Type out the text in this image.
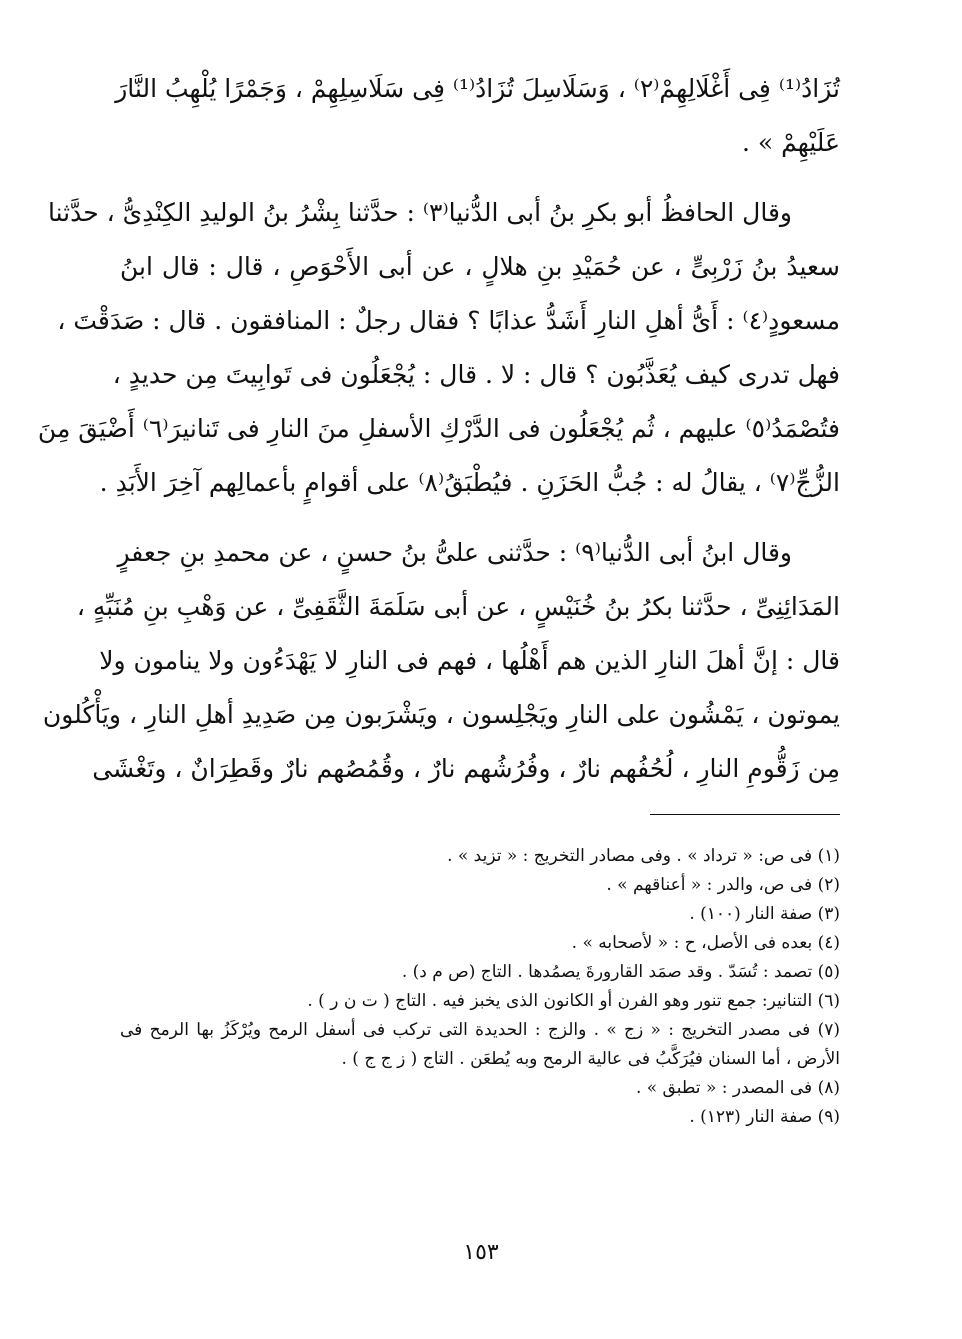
تُزَادُ⁽¹⁾ فِى أَغْلَالِهِمْ⁽٢⁾ ، وَسَلَاسِلَ تُزَادُ⁽¹⁾ فِى سَلَاسِلِهِمْ ، وَجَمْرًا يُلْهِبُ النَّارَ
عَلَيْهِمْ » .
وقال الحافظُ أبو بكرِ بنُ أبى الدُّنيا⁽٣⁾ : حدَّثنا بِشْرُ بنُ الوليدِ الكِنْدِىُّ ، حدَّثنا
سعيدُ بنُ زَرْبِىٍّ ، عن حُمَيْدِ بنِ هلالٍ ، عن أبى الأَحْوَصِ ، قال : قال ابنُ
مسعودٍ⁽٤⁾ : أَىُّ أهلِ النارِ أَشَدُّ عذابًا ؟ فقال رجلٌ : المنافقون . قال : صَدَقْتَ ،
فهل تدرى كيف يُعَذَّبُون ؟ قال : لا . قال : يُجْعَلُون فى تَوابِيتَ مِن حديدٍ ،
فتُصْمَدُ⁽٥⁾ عليهم ، ثُم يُجْعَلُون فى الدَّرْكِ الأسفلِ منَ النارِ فى تَنانيرَ⁽٦⁾ أَضْيَقَ مِنَ
الزُّجِّ⁽٧⁾ ، يقالُ له : جُبُّ الحَزَنِ . فيُطْبَقُ⁽٨⁾ على أقوامٍ بأعمالِهم آخِرَ الأَبَدِ .
وقال ابنُ أبى الدُّنيا⁽٩⁾ : حدَّثنى علىُّ بنُ حسنٍ ، عن محمدِ بنِ جعفرٍ
المَدَائِنِىِّ ، حدَّثنا بكرُ بنُ خُنَيْسٍ ، عن أبى سَلَمَةَ الثَّقَفِىِّ ، عن وَهْبِ بنِ مُنَبِّهٍ ،
قال : إنَّ أهلَ النارِ الذين هم أَهْلُها ، فهم فى النارِ لا يَهْدَءُون ولا ينامون ولا
يموتون ، يَمْشُون على النارِ ويَجْلِسون ، ويَشْرَبون مِن صَدِيدِ أهلِ النارِ ، ويَأْكُلون
مِن زَقُّومِ النارِ ، لُحُفُهم نارٌ ، وفُرُشُهم نارٌ ، وقُمُصُهم نارٌ وقَطِرَانٌ ، وتَغْشَى
(١) فى ص: « ترداد » . وفى مصادر التخريج : « تزيد » .
(٢) فى ص، والدر : « أعناقهم » .
(٣) صفة النار (١٠٠) .
(٤) بعده فى الأصل، ح : « لأصحابه » .
(٥) تصمد : تُسَدّ . وقد صمَد القارورةَ يصمُدها . التاج (ص م د) .
(٦) التنانير: جمع تنور وهو الفرن أو الكانون الذى يخبز فيه . التاج ( ت ن ر ) .
(٧) فى مصدر التخريج : « زج » . والزج : الحديدة التى تركب فى أسفل الرمح ويُرْكَزُ بها الرمح فى
الأرض ، أما السنان فيُرَكَّبُ فى عالية الرمح وبه يُطعَن . التاج ( ز ج ج ) .
(٨) فى المصدر : « تطبق » .
(٩) صفة النار (١٢٣) .
١٥٣
